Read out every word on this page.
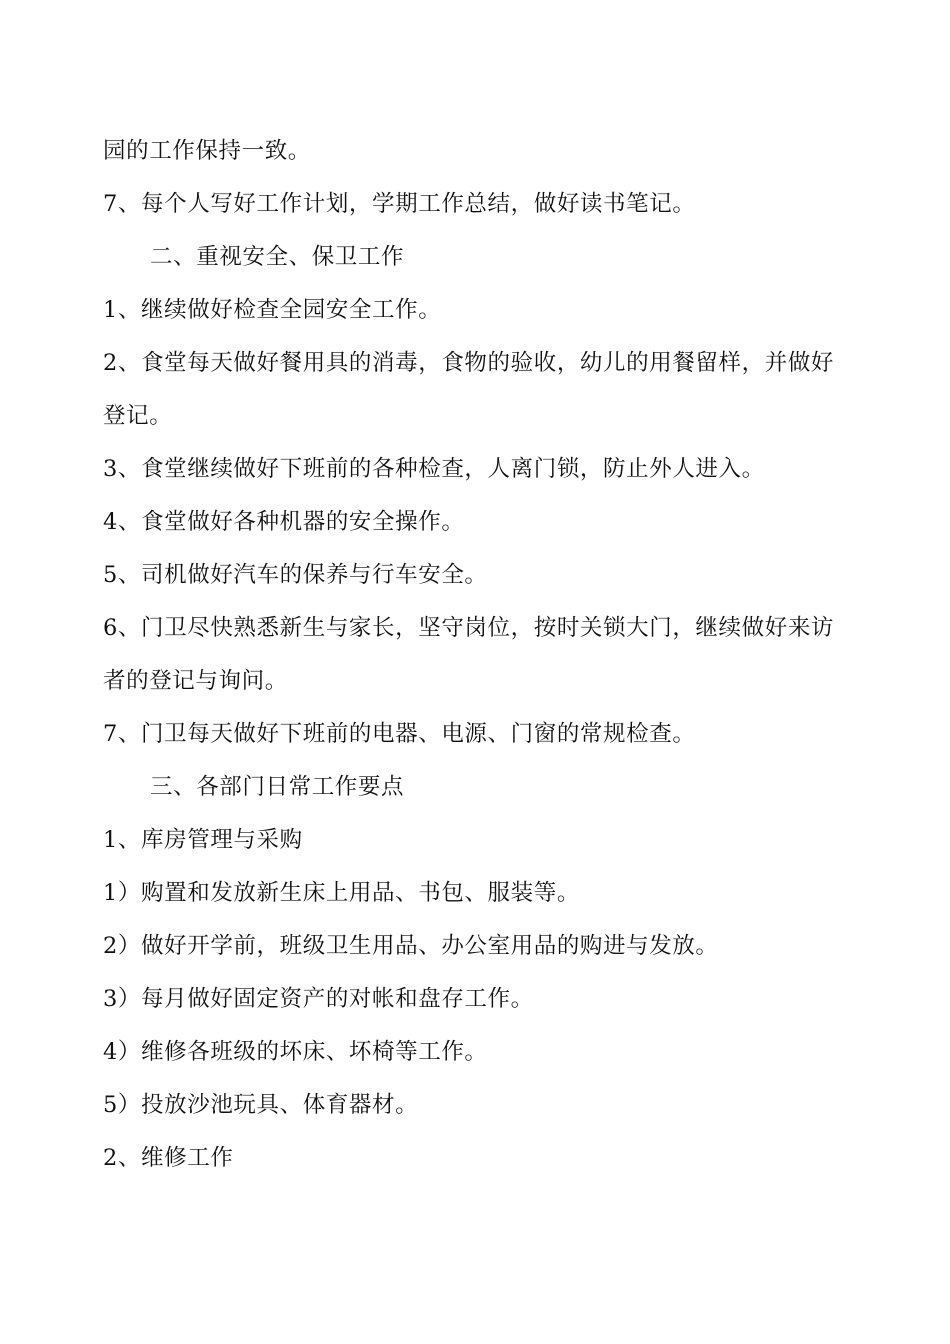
园的工作保持一致。
7、每个人写好工作计划，学期工作总结，做好读书笔记。
二、重视安全、保卫工作
1、继续做好检查全园安全工作。
2、食堂每天做好餐用具的消毒，食物的验收，幼儿的用餐留样，并做好
登记。
3、食堂继续做好下班前的各种检查，人离门锁，防止外人进入。
4、食堂做好各种机器的安全操作。
5、司机做好汽车的保养与行车安全。
6、门卫尽快熟悉新生与家长，坚守岗位，按时关锁大门，继续做好来访
者的登记与询问。
7、门卫每天做好下班前的电器、电源、门窗的常规检查。
三、各部门日常工作要点
1、库房管理与采购
1）购置和发放新生床上用品、书包、服装等。
2）做好开学前，班级卫生用品、办公室用品的购进与发放。
3）每月做好固定资产的对帐和盘存工作。
4）维修各班级的坏床、坏椅等工作。
5）投放沙池玩具、体育器材。
2、维修工作
